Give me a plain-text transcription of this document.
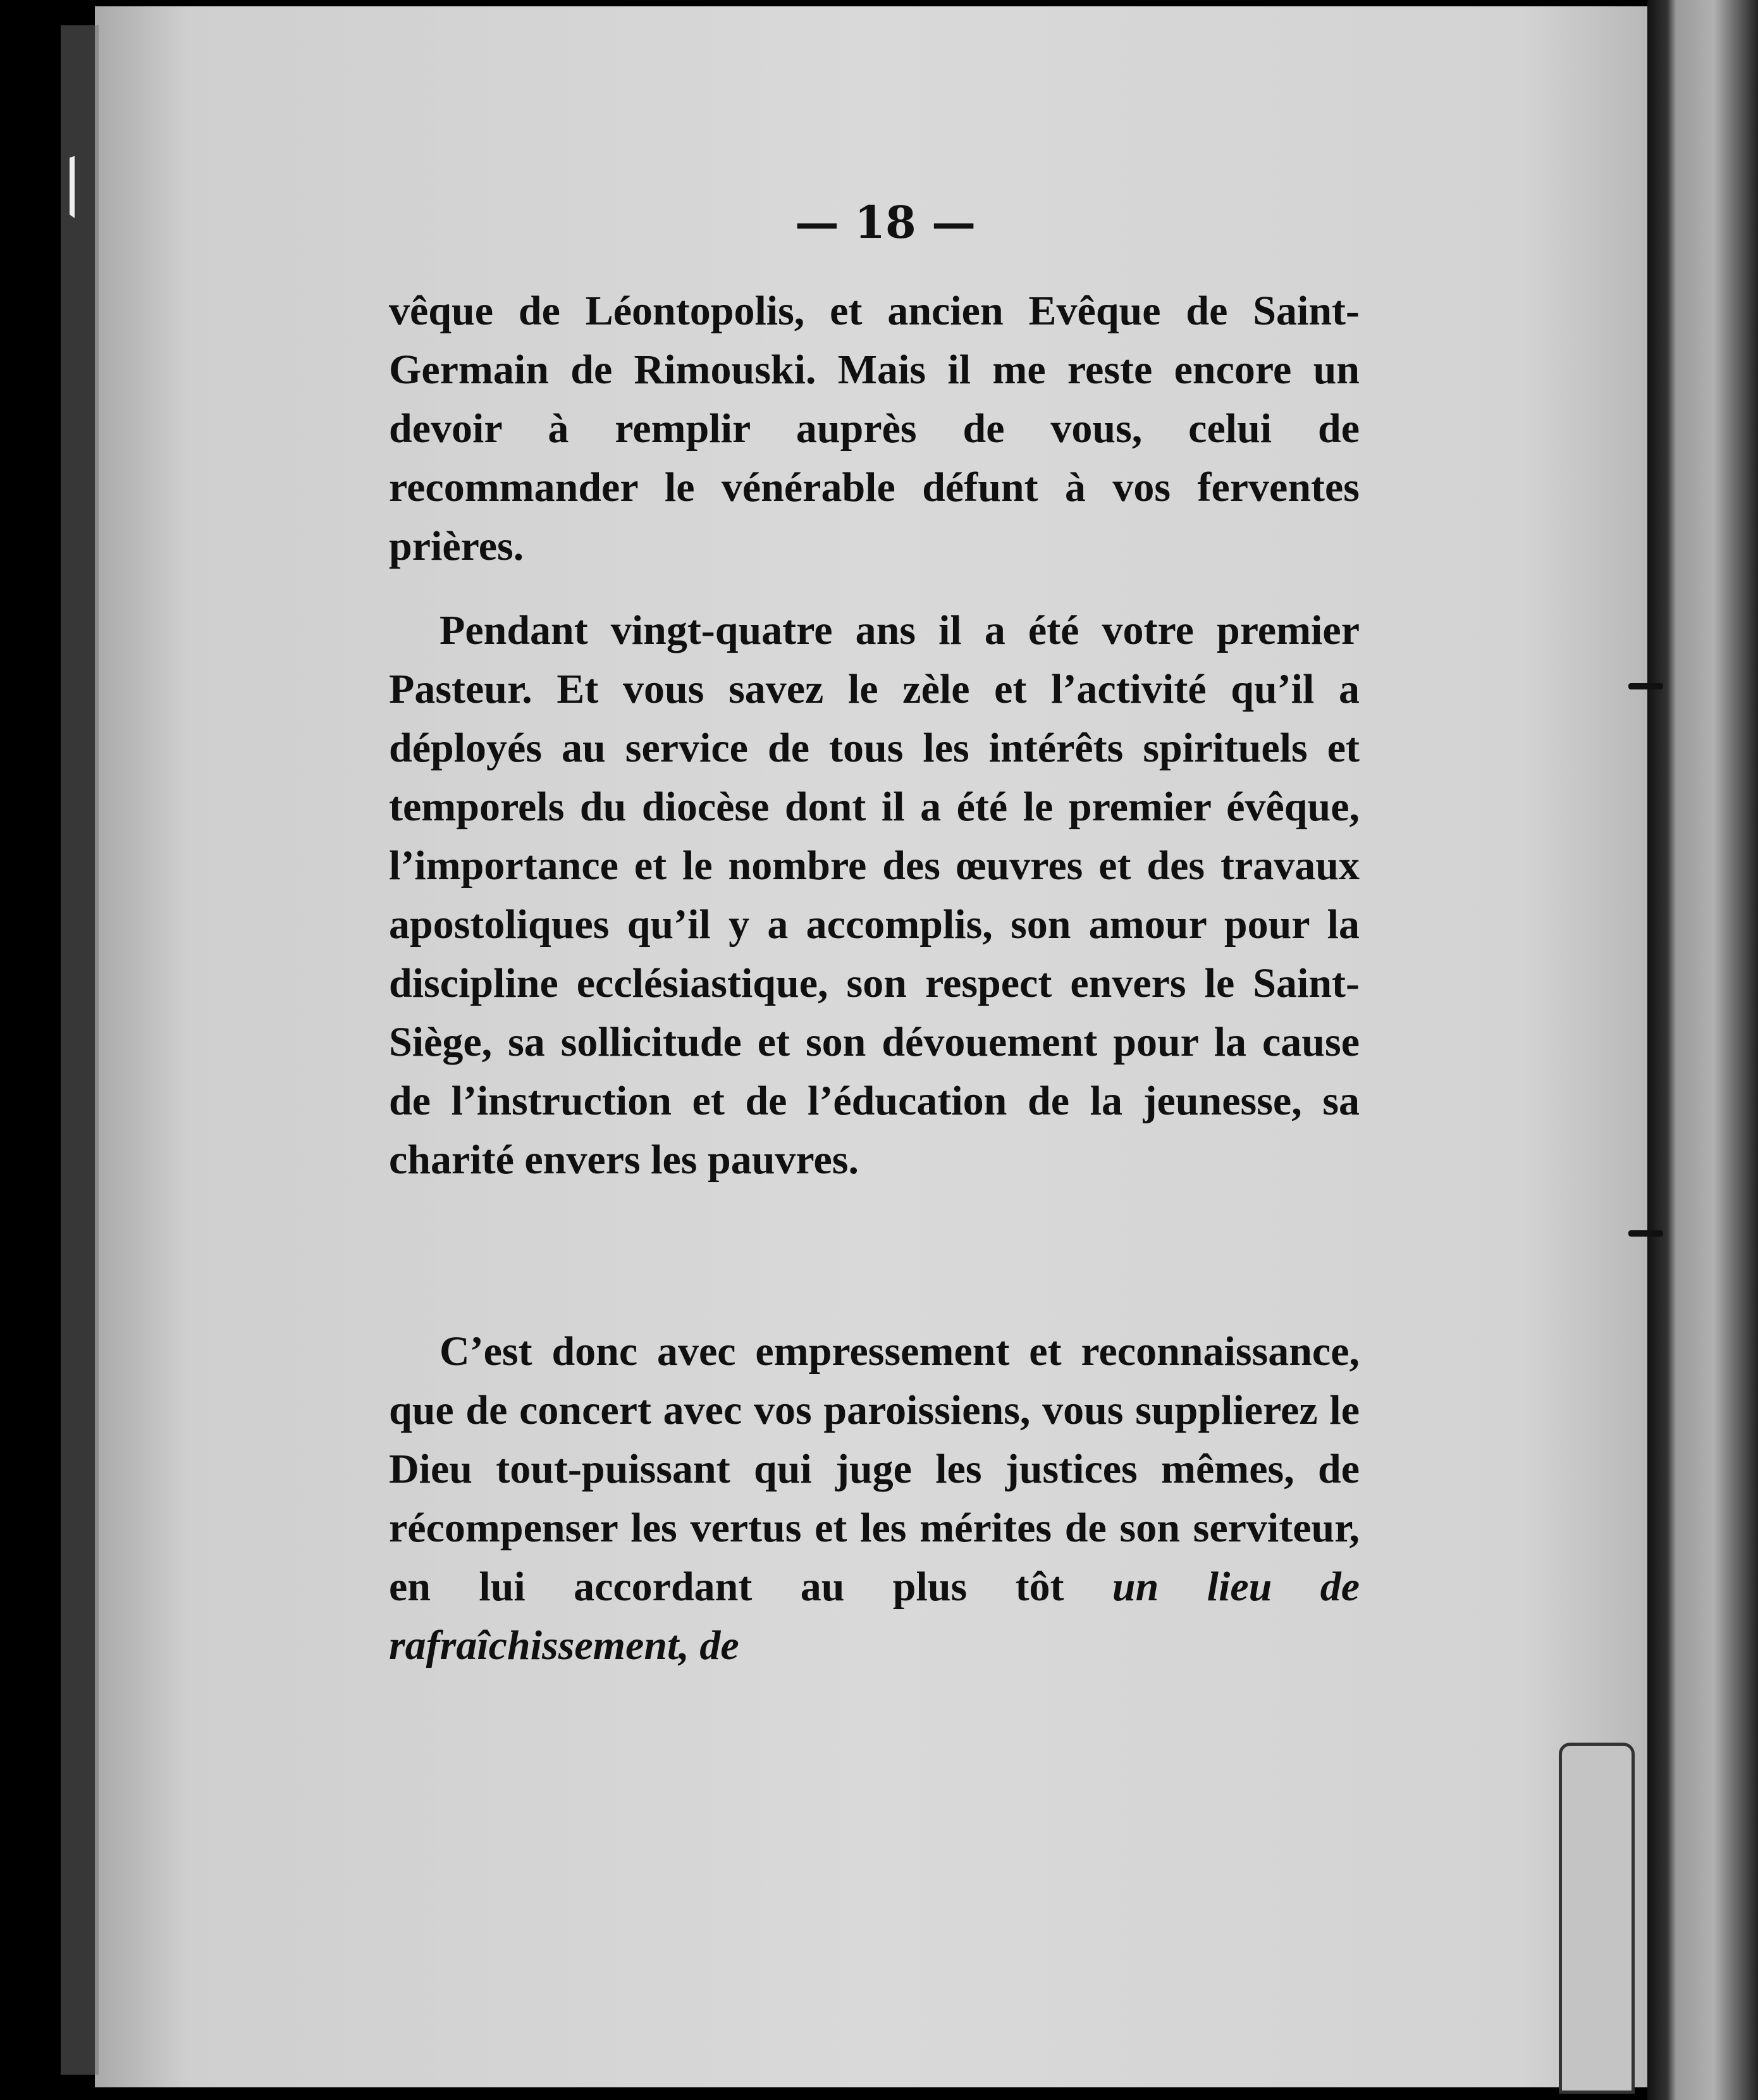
— 18 —

vêque de Léontopolis, et ancien Evêque de Saint-Germain de Rimouski. Mais il me reste encore un devoir à remplir auprès de vous, celui de recommander le vénérable défunt à vos ferventes prières.

Pendant vingt-quatre ans il a été votre premier Pasteur. Et vous savez le zèle et l’activité qu’il a déployés au service de tous les intérêts spirituels et temporels du diocèse dont il a été le premier évêque, l’importance et le nombre des œuvres et des travaux apostoliques qu’il y a accomplis, son amour pour la discipline ecclésiastique, son respect envers le Saint-Siège, sa sollicitude et son dévouement pour la cause de l’instruction et de l’éducation de la jeunesse, sa charité envers les pauvres.

C’est donc avec empressement et reconnaissance, que de concert avec vos paroissiens, vous supplierez le Dieu tout-puissant qui juge les justices mêmes, de récompenser les vertus et les mérites de son serviteur, en lui accordant au plus tôt un lieu de rafraîchissement, de
